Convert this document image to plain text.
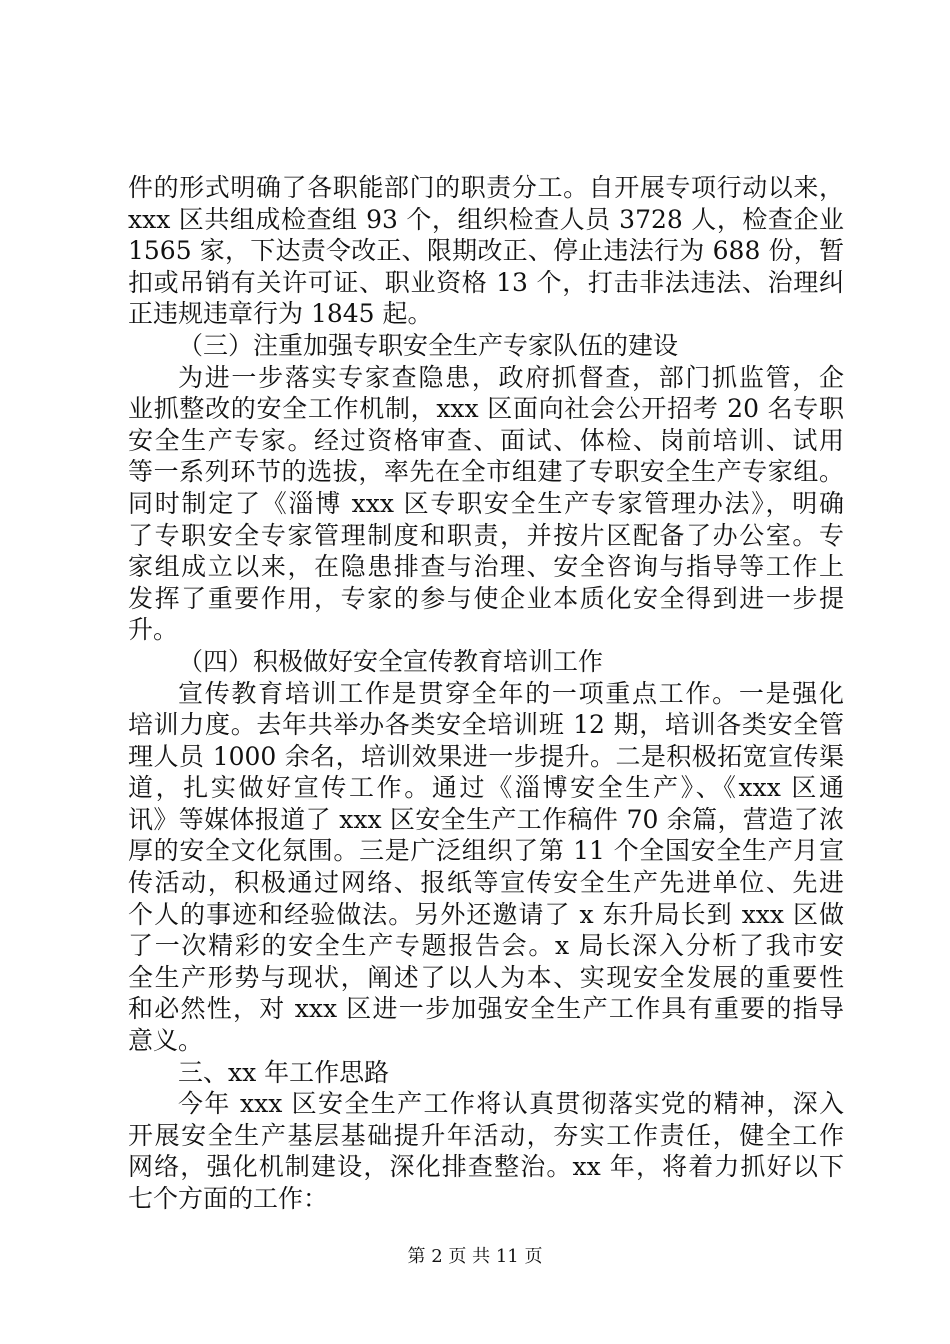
件的形式明确了各职能部门的职责分工。自开展专项行动以来，
xxx 区共组成检查组 93 个，组织检查人员 3728 人，检查企业
1565 家，下达责令改正、限期改正、停止违法行为 688 份，暂
扣或吊销有关许可证、职业资格 13 个，打击非法违法、治理纠
正违规违章行为 1845 起。
（三）注重加强专职安全生产专家队伍的建设
为进一步落实专家查隐患，政府抓督查，部门抓监管，企
业抓整改的安全工作机制，xxx 区面向社会公开招考 20 名专职
安全生产专家。经过资格审查、面试、体检、岗前培训、试用
等一系列环节的选拔，率先在全市组建了专职安全生产专家组。
同时制定了《淄博 xxx 区专职安全生产专家管理办法》，明确
了专职安全专家管理制度和职责，并按片区配备了办公室。专
家组成立以来，在隐患排查与治理、安全咨询与指导等工作上
发挥了重要作用，专家的参与使企业本质化安全得到进一步提
升。
（四）积极做好安全宣传教育培训工作
宣传教育培训工作是贯穿全年的一项重点工作。一是强化
培训力度。去年共举办各类安全培训班 12 期，培训各类安全管
理人员 1000 余名，培训效果进一步提升。二是积极拓宽宣传渠
道，扎实做好宣传工作。通过《淄博安全生产》、《xxx 区通
讯》等媒体报道了 xxx 区安全生产工作稿件 70 余篇，营造了浓
厚的安全文化氛围。三是广泛组织了第 11 个全国安全生产月宣
传活动，积极通过网络、报纸等宣传安全生产先进单位、先进
个人的事迹和经验做法。另外还邀请了 x 东升局长到 xxx 区做
了一次精彩的安全生产专题报告会。x 局长深入分析了我市安
全生产形势与现状，阐述了以人为本、实现安全发展的重要性
和必然性，对 xxx 区进一步加强安全生产工作具有重要的指导
意义。
三、xx 年工作思路
今年 xxx 区安全生产工作将认真贯彻落实党的精神，深入
开展安全生产基层基础提升年活动，夯实工作责任，健全工作
网络，强化机制建设，深化排查整治。xx 年，将着力抓好以下
七个方面的工作：
第 2 页 共 11 页
